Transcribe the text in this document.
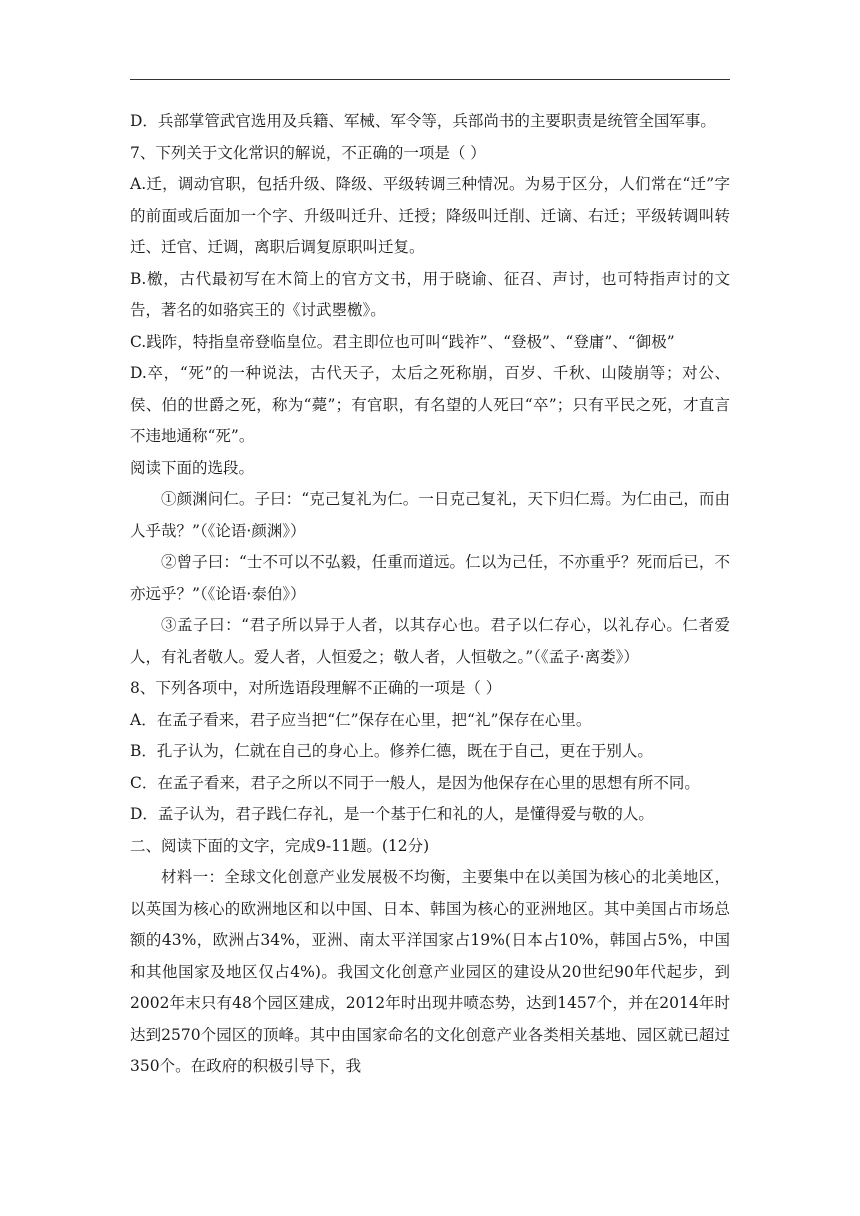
D．兵部掌管武官选用及兵籍、军械、军令等，兵部尚书的主要职责是统管全国军事。

7、下列关于文化常识的解说，不正确的一项是（ ）

A.迁，调动官职，包括升级、降级、平级转调三种情况。为易于区分，人们常在“迁”字的前面或后面加一个字、升级叫迁升、迁授；降级叫迁削、迁谪、右迁；平级转调叫转迁、迁官、迁调，离职后调复原职叫迁复。

B.檄，古代最初写在木简上的官方文书，用于晓谕、征召、声讨，也可特指声讨的文告，著名的如骆宾王的《讨武瞾檄》。

C.践阼，特指皇帝登临皇位。君主即位也可叫“践祚”、“登极”、“登庸”、“御极”

D.卒，“死”的一种说法，古代天子，太后之死称崩，百岁、千秋、山陵崩等；对公、侯、伯的世爵之死，称为“薨”；有官职，有名望的人死曰“卒”；只有平民之死，才直言不违地通称“死”。

阅读下面的选段。

①颜渊问仁。子曰：“克己复礼为仁。一日克己复礼，天下归仁焉。为仁由己，而由人乎哉？”（《论语·颜渊》）

②曾子曰：“士不可以不弘毅，任重而道远。仁以为己任，不亦重乎？死而后已，不亦远乎？”（《论语·泰伯》）

③孟子曰：“君子所以异于人者，以其存心也。君子以仁存心，以礼存心。仁者爱人，有礼者敬人。爱人者，人恒爱之；敬人者，人恒敬之。”（《孟子·离娄》）

8、下列各项中，对所选语段理解不正确的一项是（ ）

A．在孟子看来，君子应当把“仁”保存在心里，把“礼”保存在心里。

B．孔子认为，仁就在自己的身心上。修养仁德，既在于自己，更在于别人。

C．在孟子看来，君子之所以不同于一般人，是因为他保存在心里的思想有所不同。

D．孟子认为，君子践仁存礼，是一个基于仁和礼的人，是懂得爱与敬的人。

二、阅读下面的文字，完成9-11题。(12分)

材料一：全球文化创意产业发展极不均衡，主要集中在以美国为核心的北美地区，以英国为核心的欧洲地区和以中国、日本、韩国为核心的亚洲地区。其中美国占市场总额的43%，欧洲占34%，亚洲、南太平洋国家占19%(日本占10%，韩国占5%，中国和其他国家及地区仅占4%)。我国文化创意产业园区的建设从20世纪90年代起步，到2002年末只有48个园区建成，2012年时出现井喷态势，达到1457个，并在2014年时达到2570个园区的顶峰。其中由国家命名的文化创意产业各类相关基地、园区就已超过350个。在政府的积极引导下，我
